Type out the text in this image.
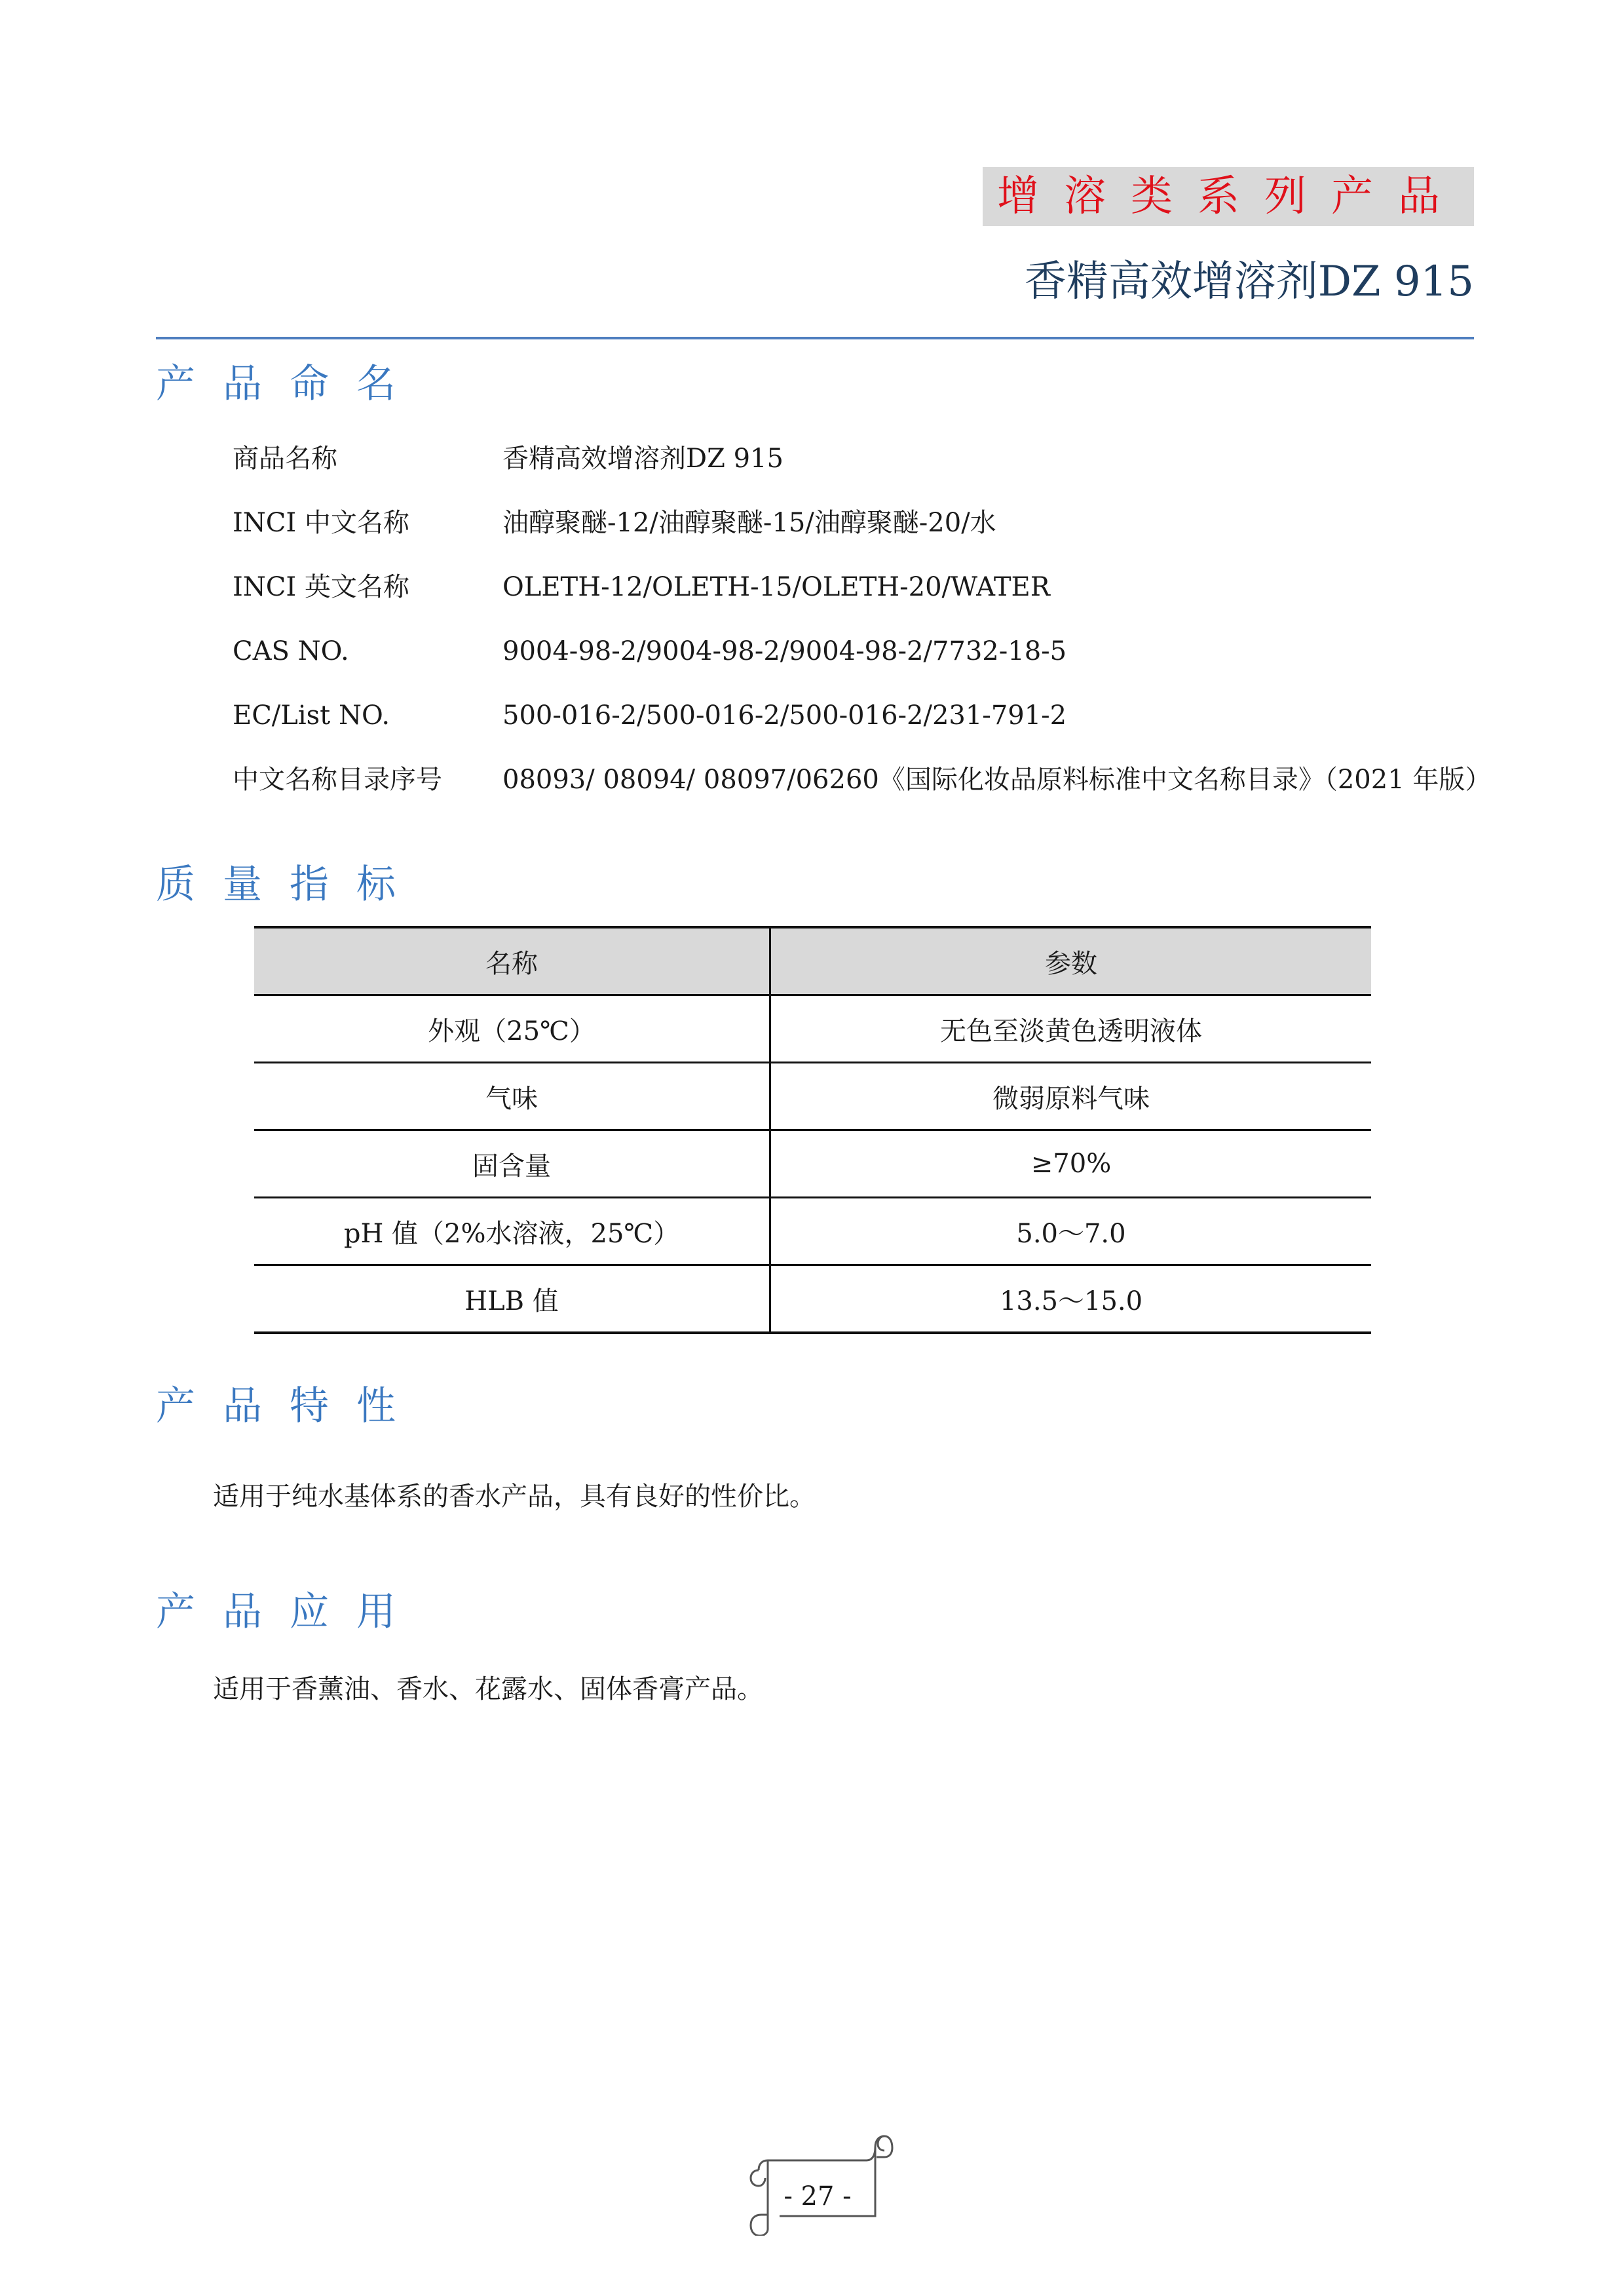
增溶类系列产品
香精高效增溶剂DZ 915
产品命名
商品名称	香精高效增溶剂DZ 915
INCI 中文名称	油醇聚醚-12/油醇聚醚-15/油醇聚醚-20/水
INCI 英文名称	OLETH-12/OLETH-15/OLETH-20/WATER
CAS NO.	9004-98-2/9004-98-2/9004-98-2/7732-18-5
EC/List NO.	500-016-2/500-016-2/500-016-2/231-791-2
中文名称目录序号 08093/ 08094/ 08097/06260《国际化妆品原料标准中文名称目录》（2021 年版）
质量指标
名称	参数
外观（25℃）	无色至淡黄色透明液体
气味	微弱原料气味
固含量	≥70%
pH 值（2%水溶液，25℃）	5.0～7.0
HLB 值	13.5～15.0
产品特性
适用于纯水基体系的香水产品，具有良好的性价比。
产品应用
适用于香薰油、香水、花露水、固体香膏产品。
- 27 -
